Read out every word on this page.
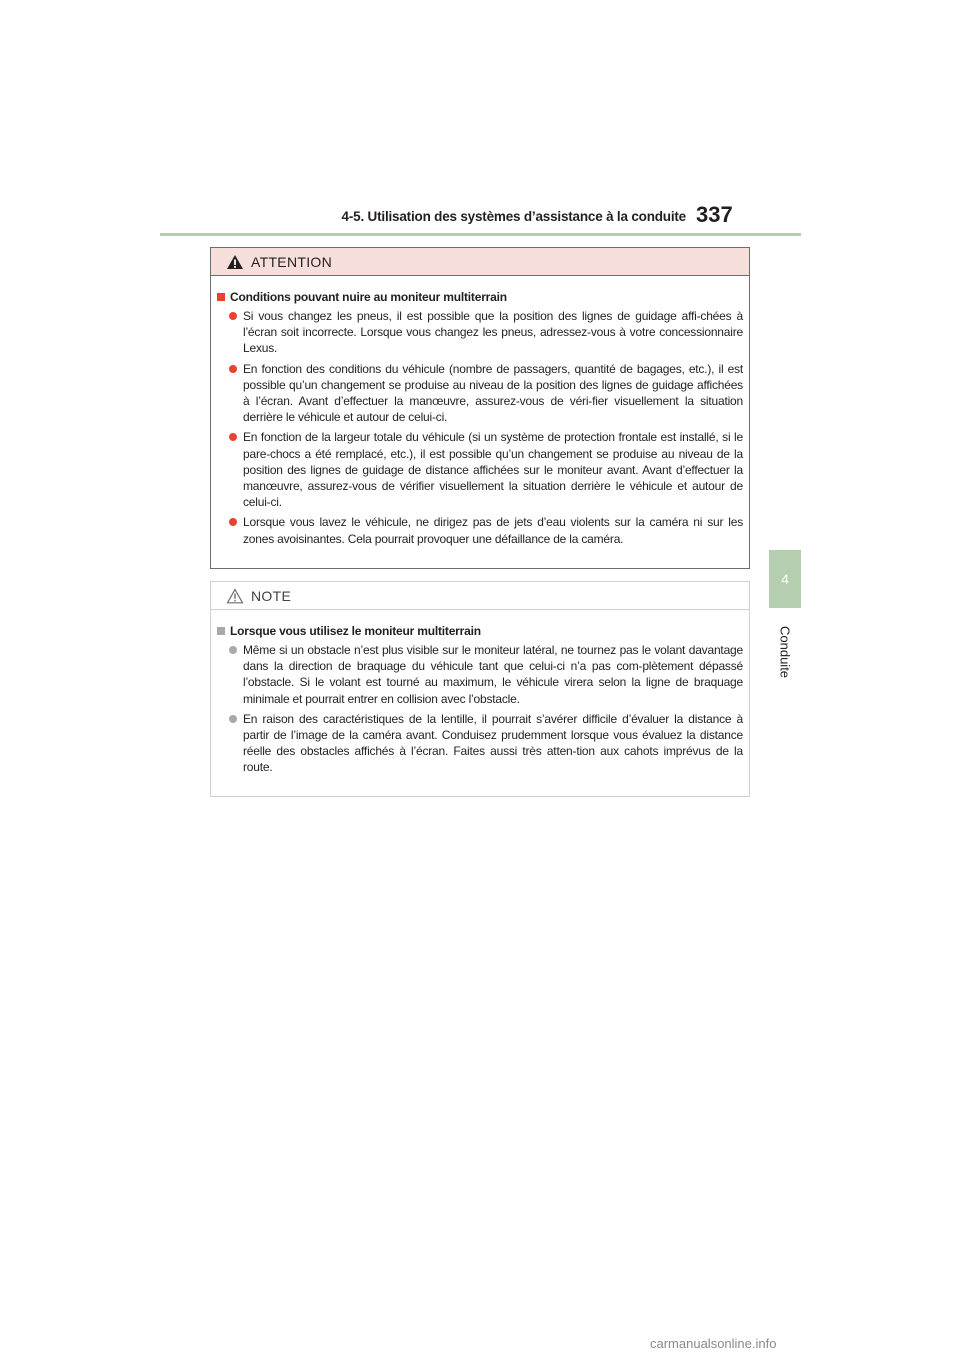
4-5. Utilisation des systèmes d’assistance à la conduite 337
4
Conduite
ATTENTION
Conditions pouvant nuire au moniteur multiterrain
Si vous changez les pneus, il est possible que la position des lignes de guidage affi-chées à l’écran soit incorrecte. Lorsque vous changez les pneus, adressez-vous à votre concessionnaire Lexus.
En fonction des conditions du véhicule (nombre de passagers, quantité de bagages, etc.), il est possible qu’un changement se produise au niveau de la position des lignes de guidage affichées à l’écran. Avant d’effectuer la manœuvre, assurez-vous de véri-fier visuellement la situation derrière le véhicule et autour de celui-ci.
En fonction de la largeur totale du véhicule (si un système de protection frontale est installé, si le pare-chocs a été remplacé, etc.), il est possible qu’un changement se produise au niveau de la position des lignes de guidage de distance affichées sur le moniteur avant. Avant d’effectuer la manœuvre, assurez-vous de vérifier visuellement la situation derrière le véhicule et autour de celui-ci.
Lorsque vous lavez le véhicule, ne dirigez pas de jets d’eau violents sur la caméra ni sur les zones avoisinantes. Cela pourrait provoquer une défaillance de la caméra.
NOTE
Lorsque vous utilisez le moniteur multiterrain
Même si un obstacle n’est plus visible sur le moniteur latéral, ne tournez pas le volant davantage dans la direction de braquage du véhicule tant que celui-ci n’a pas com-plètement dépassé l’obstacle. Si le volant est tourné au maximum, le véhicule virera selon la ligne de braquage minimale et pourrait entrer en collision avec l’obstacle.
En raison des caractéristiques de la lentille, il pourrait s’avérer difficile d’évaluer la distance à partir de l’image de la caméra avant. Conduisez prudemment lorsque vous évaluez la distance réelle des obstacles affichés à l’écran. Faites aussi très atten-tion aux cahots imprévus de la route.
carmanualsonline.info
